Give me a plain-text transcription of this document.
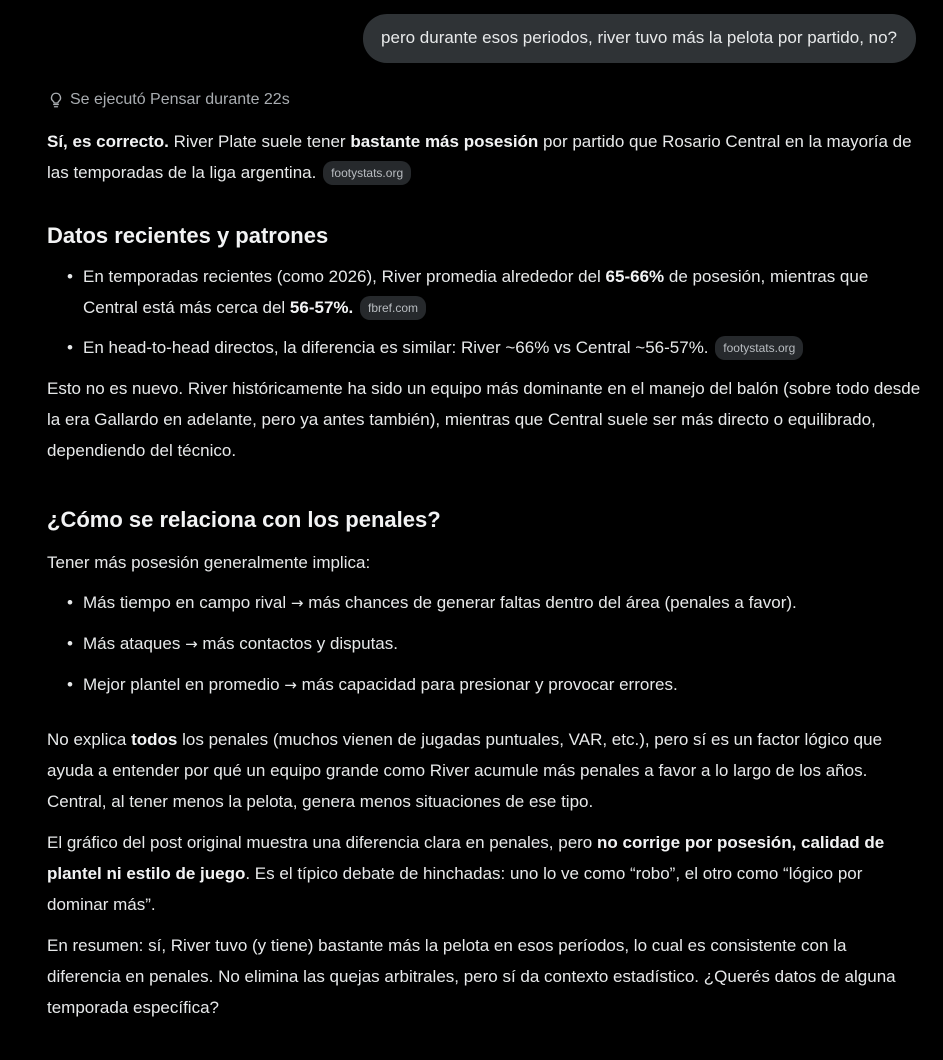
pero durante esos periodos, river tuvo más la pelota por partido, no?
Se ejecutó Pensar durante 22s

Sí, es correcto. River Plate suele tener bastante más posesión por partido que Rosario Central en la mayoría de las temporadas de la liga argentina. footystats.org

Datos recientes y patrones
• En temporadas recientes (como 2026), River promedia alrededor del 65-66% de posesión, mientras que Central está más cerca del 56-57%. fbref.com
• En head-to-head directos, la diferencia es similar: River ~66% vs Central ~56-57%. footystats.org

Esto no es nuevo. River históricamente ha sido un equipo más dominante en el manejo del balón (sobre todo desde la era Gallardo en adelante, pero ya antes también), mientras que Central suele ser más directo o equilibrado, dependiendo del técnico.

¿Cómo se relaciona con los penales?

Tener más posesión generalmente implica:

• Más tiempo en campo rival → más chances de generar faltas dentro del área (penales a favor).
• Más ataques → más contactos y disputas.
• Mejor plantel en promedio → más capacidad para presionar y provocar errores.

No explica todos los penales (muchos vienen de jugadas puntuales, VAR, etc.), pero sí es un factor lógico que ayuda a entender por qué un equipo grande como River acumule más penales a favor a lo largo de los años. Central, al tener menos la pelota, genera menos situaciones de ese tipo.

El gráfico del post original muestra una diferencia clara en penales, pero no corrige por posesión, calidad de plantel ni estilo de juego. Es el típico debate de hinchadas: uno lo ve como “robo”, el otro como “lógico por dominar más”.

En resumen: sí, River tuvo (y tiene) bastante más la pelota en esos períodos, lo cual es consistente con la diferencia en penales. No elimina las quejas arbitrales, pero sí da contexto estadístico. ¿Querés datos de alguna temporada específica?
